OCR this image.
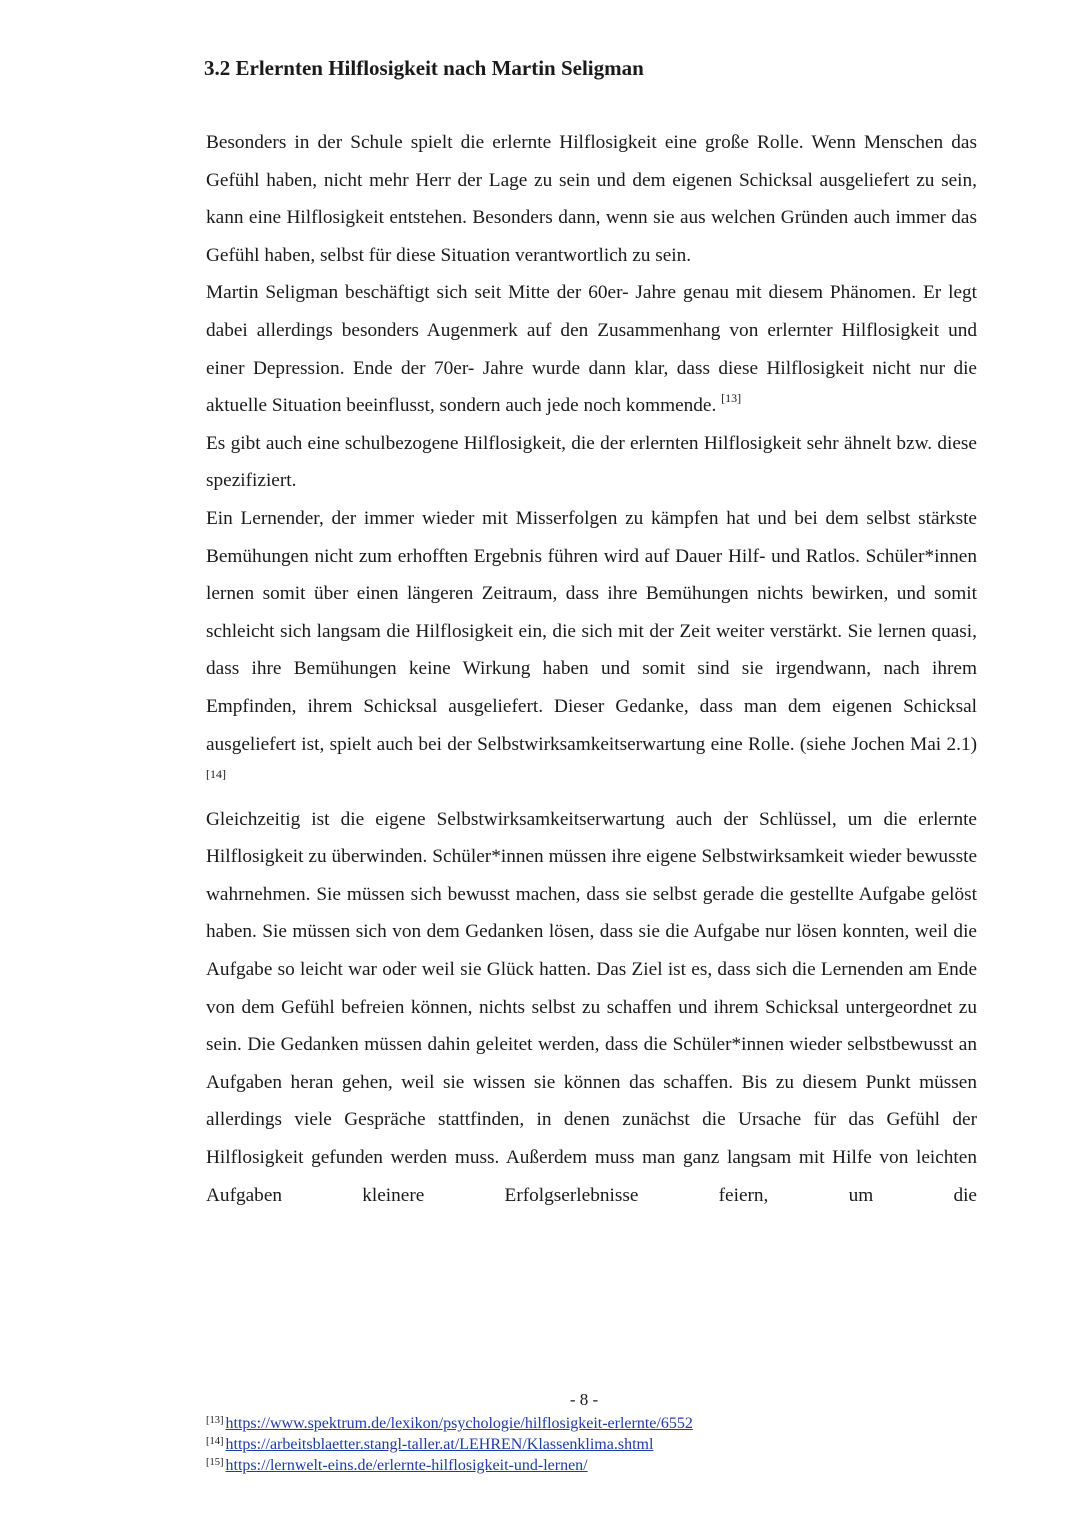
3.2 Erlernten Hilflosigkeit nach Martin Seligman

Besonders in der Schule spielt die erlernte Hilflosigkeit eine große Rolle. Wenn Menschen das Gefühl haben, nicht mehr Herr der Lage zu sein und dem eigenen Schicksal ausgeliefert zu sein, kann eine Hilflosigkeit entstehen. Besonders dann, wenn sie aus welchen Gründen auch immer das Gefühl haben, selbst für diese Situation verantwortlich zu sein.

Martin Seligman beschäftigt sich seit Mitte der 60er- Jahre genau mit diesem Phänomen. Er legt dabei allerdings besonders Augenmerk auf den Zusammenhang von erlernter Hilflosigkeit und einer Depression. Ende der 70er- Jahre wurde dann klar, dass diese Hilflosigkeit nicht nur die aktuelle Situation beeinflusst, sondern auch jede noch kommende. [13]

Es gibt auch eine schulbezogene Hilflosigkeit, die der erlernten Hilflosigkeit sehr ähnelt bzw. diese spezifiziert.

Ein Lernender, der immer wieder mit Misserfolgen zu kämpfen hat und bei dem selbst stärkste Bemühungen nicht zum erhofften Ergebnis führen wird auf Dauer Hilf- und Ratlos. Schüler*innen lernen somit über einen längeren Zeitraum, dass ihre Bemühungen nichts bewirken, und somit schleicht sich langsam die Hilflosigkeit ein, die sich mit der Zeit weiter verstärkt. Sie lernen quasi, dass ihre Bemühungen keine Wirkung haben und somit sind sie irgendwann, nach ihrem Empfinden, ihrem Schicksal ausgeliefert. Dieser Gedanke, dass man dem eigenen Schicksal ausgeliefert ist, spielt auch bei der Selbstwirksamkeitserwartung eine Rolle. (siehe Jochen Mai 2.1)[14]

Gleichzeitig ist die eigene Selbstwirksamkeitserwartung auch der Schlüssel, um die erlernte Hilflosigkeit zu überwinden. Schüler*innen müssen ihre eigene Selbstwirksamkeit wieder bewusste wahrnehmen. Sie müssen sich bewusst machen, dass sie selbst gerade die gestellte Aufgabe gelöst haben. Sie müssen sich von dem Gedanken lösen, dass sie die Aufgabe nur lösen konnten, weil die Aufgabe so leicht war oder weil sie Glück hatten. Das Ziel ist es, dass sich die Lernenden am Ende von dem Gefühl befreien können, nichts selbst zu schaffen und ihrem Schicksal untergeordnet zu sein. Die Gedanken müssen dahin geleitet werden, dass die Schüler*innen wieder selbstbewusst an Aufgaben heran gehen, weil sie wissen sie können das schaffen. Bis zu diesem Punkt müssen allerdings viele Gespräche stattfinden, in denen zunächst die Ursache für das Gefühl der Hilflosigkeit gefunden werden muss. Außerdem muss man ganz langsam mit Hilfe von leichten Aufgaben kleinere Erfolgserlebnisse feiern, um die

- 8 -
[13] https://www.spektrum.de/lexikon/psychologie/hilflosigkeit-erlernte/6552
[14] https://arbeitsblaetter.stangl-taller.at/LEHREN/Klassenklima.shtml
[15] https://lernwelt-eins.de/erlernte-hilflosigkeit-und-lernen/
